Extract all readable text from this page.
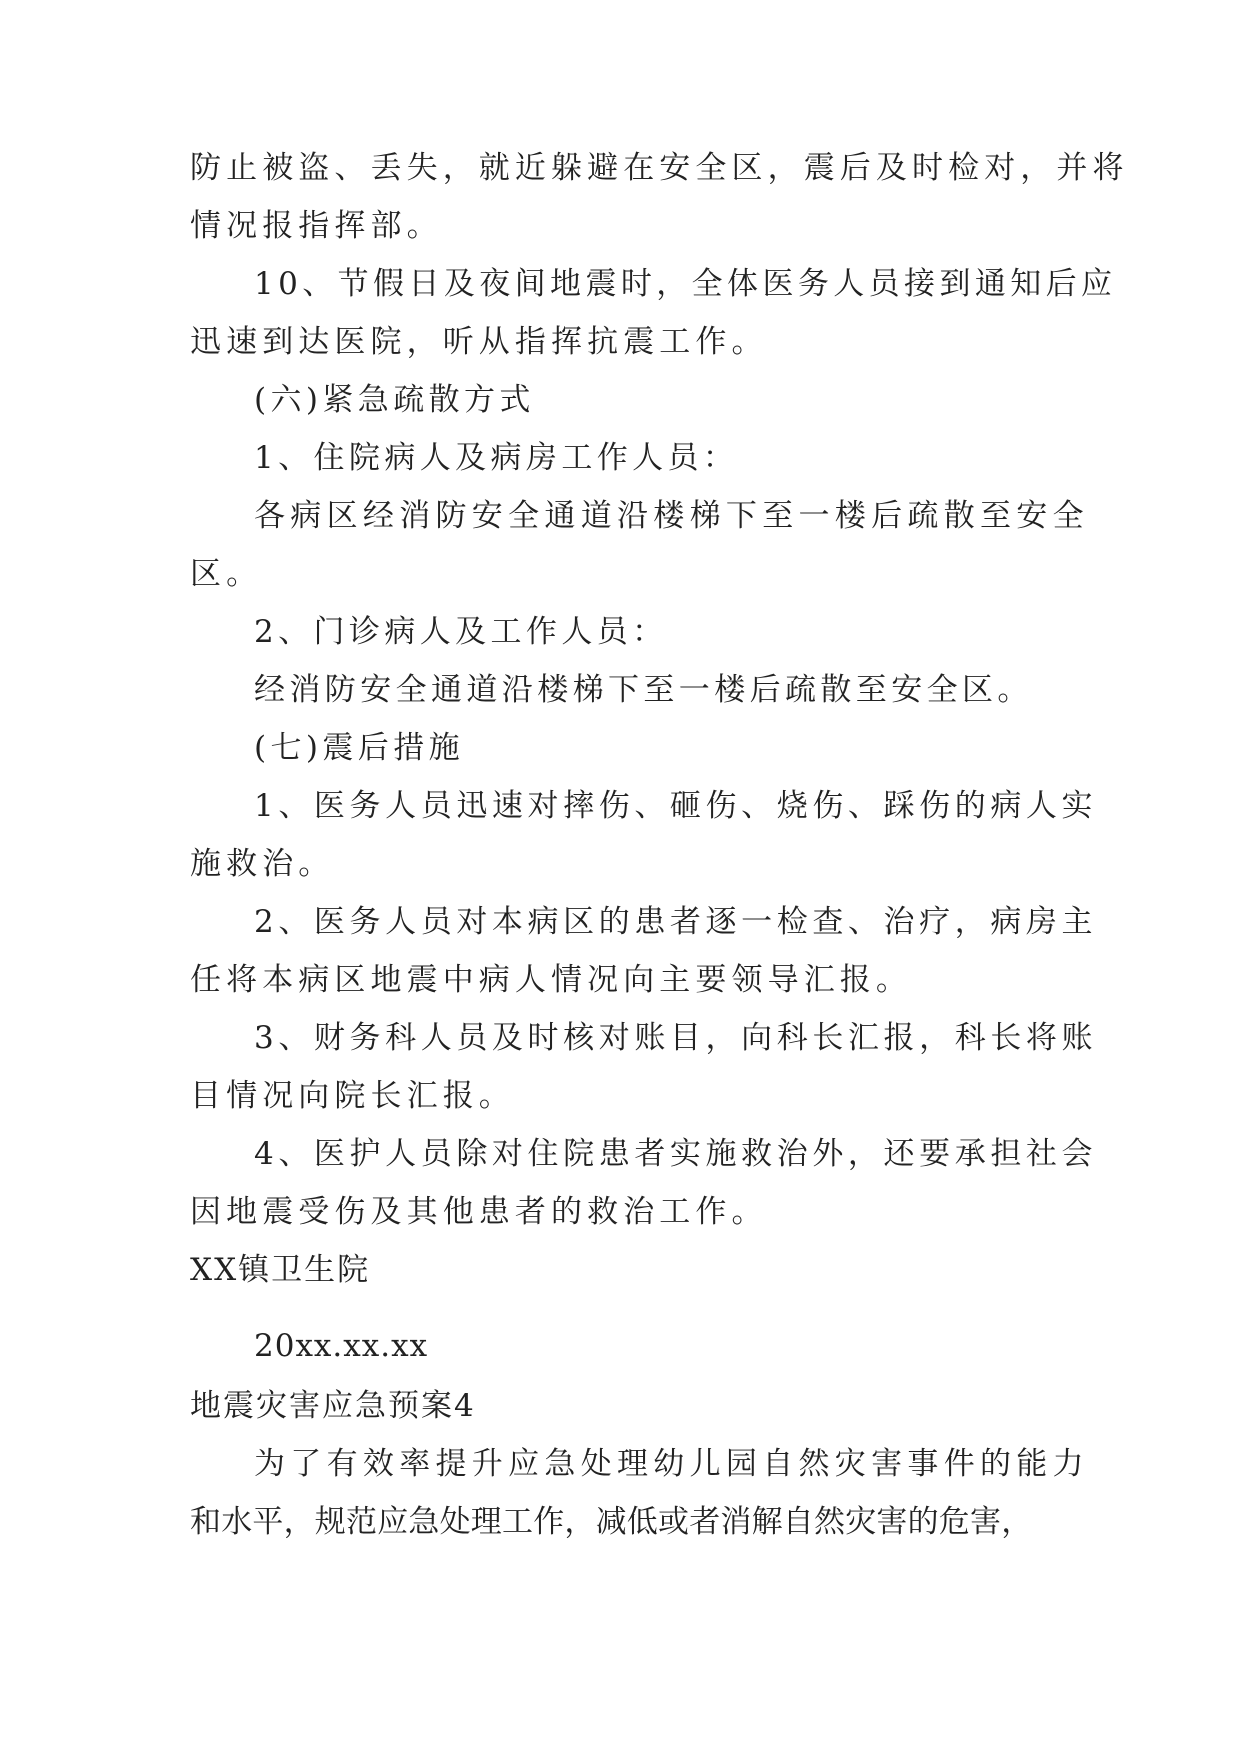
防止被盗、丢失，就近躲避在安全区，震后及时检对，并将
情况报指挥部。
10、节假日及夜间地震时，全体医务人员接到通知后应
迅速到达医院，听从指挥抗震工作。
(六)紧急疏散方式
1、住院病人及病房工作人员：
各病区经消防安全通道沿楼梯下至一楼后疏散至安全
区。
2、门诊病人及工作人员：
经消防安全通道沿楼梯下至一楼后疏散至安全区。
(七)震后措施
1、医务人员迅速对摔伤、砸伤、烧伤、踩伤的病人实
施救治。
2、医务人员对本病区的患者逐一检查、治疗，病房主
任将本病区地震中病人情况向主要领导汇报。
3、财务科人员及时核对账目，向科长汇报，科长将账
目情况向院长汇报。
4、医护人员除对住院患者实施救治外，还要承担社会
因地震受伤及其他患者的救治工作。
XX镇卫生院
20xx.xx.xx
地震灾害应急预案4
为了有效率提升应急处理幼儿园自然灾害事件的能力
和水平，规范应急处理工作，减低或者消解自然灾害的危害，
